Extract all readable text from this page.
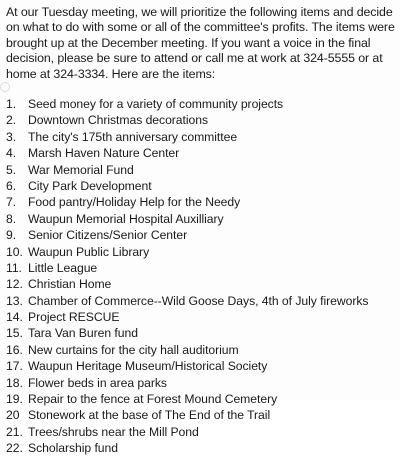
At our Tuesday meeting, we will prioritize the following items and decide
on what to do with some or all of the committee's profits. The items were
brought up at the December meeting. If you want a voice in the final
decision, please be sure to attend or call me at work at 324-5555 or at
home at 324-3334. Here are the items:
1. Seed money for a variety of community projects
2. Downtown Christmas decorations
3. The city's 175th anniversary committee
4. Marsh Haven Nature Center
5. War Memorial Fund
6. City Park Development
7. Food pantry/Holiday Help for the Needy
8. Waupun Memorial Hospital Auxilliary
9. Senior Citizens/Senior Center
10. Waupun Public Library
11. Little League
12. Christian Home
13. Chamber of Commerce--Wild Goose Days, 4th of July fireworks
14. Project RESCUE
15. Tara Van Buren fund
16. New curtains for the city hall auditorium
17. Waupun Heritage Museum/Historical Society
18. Flower beds in area parks
19. Repair to the fence at Forest Mound Cemetery
20 Stonework at the base of The End of the Trail
21. Trees/shrubs near the Mill Pond
22. Scholarship fund
